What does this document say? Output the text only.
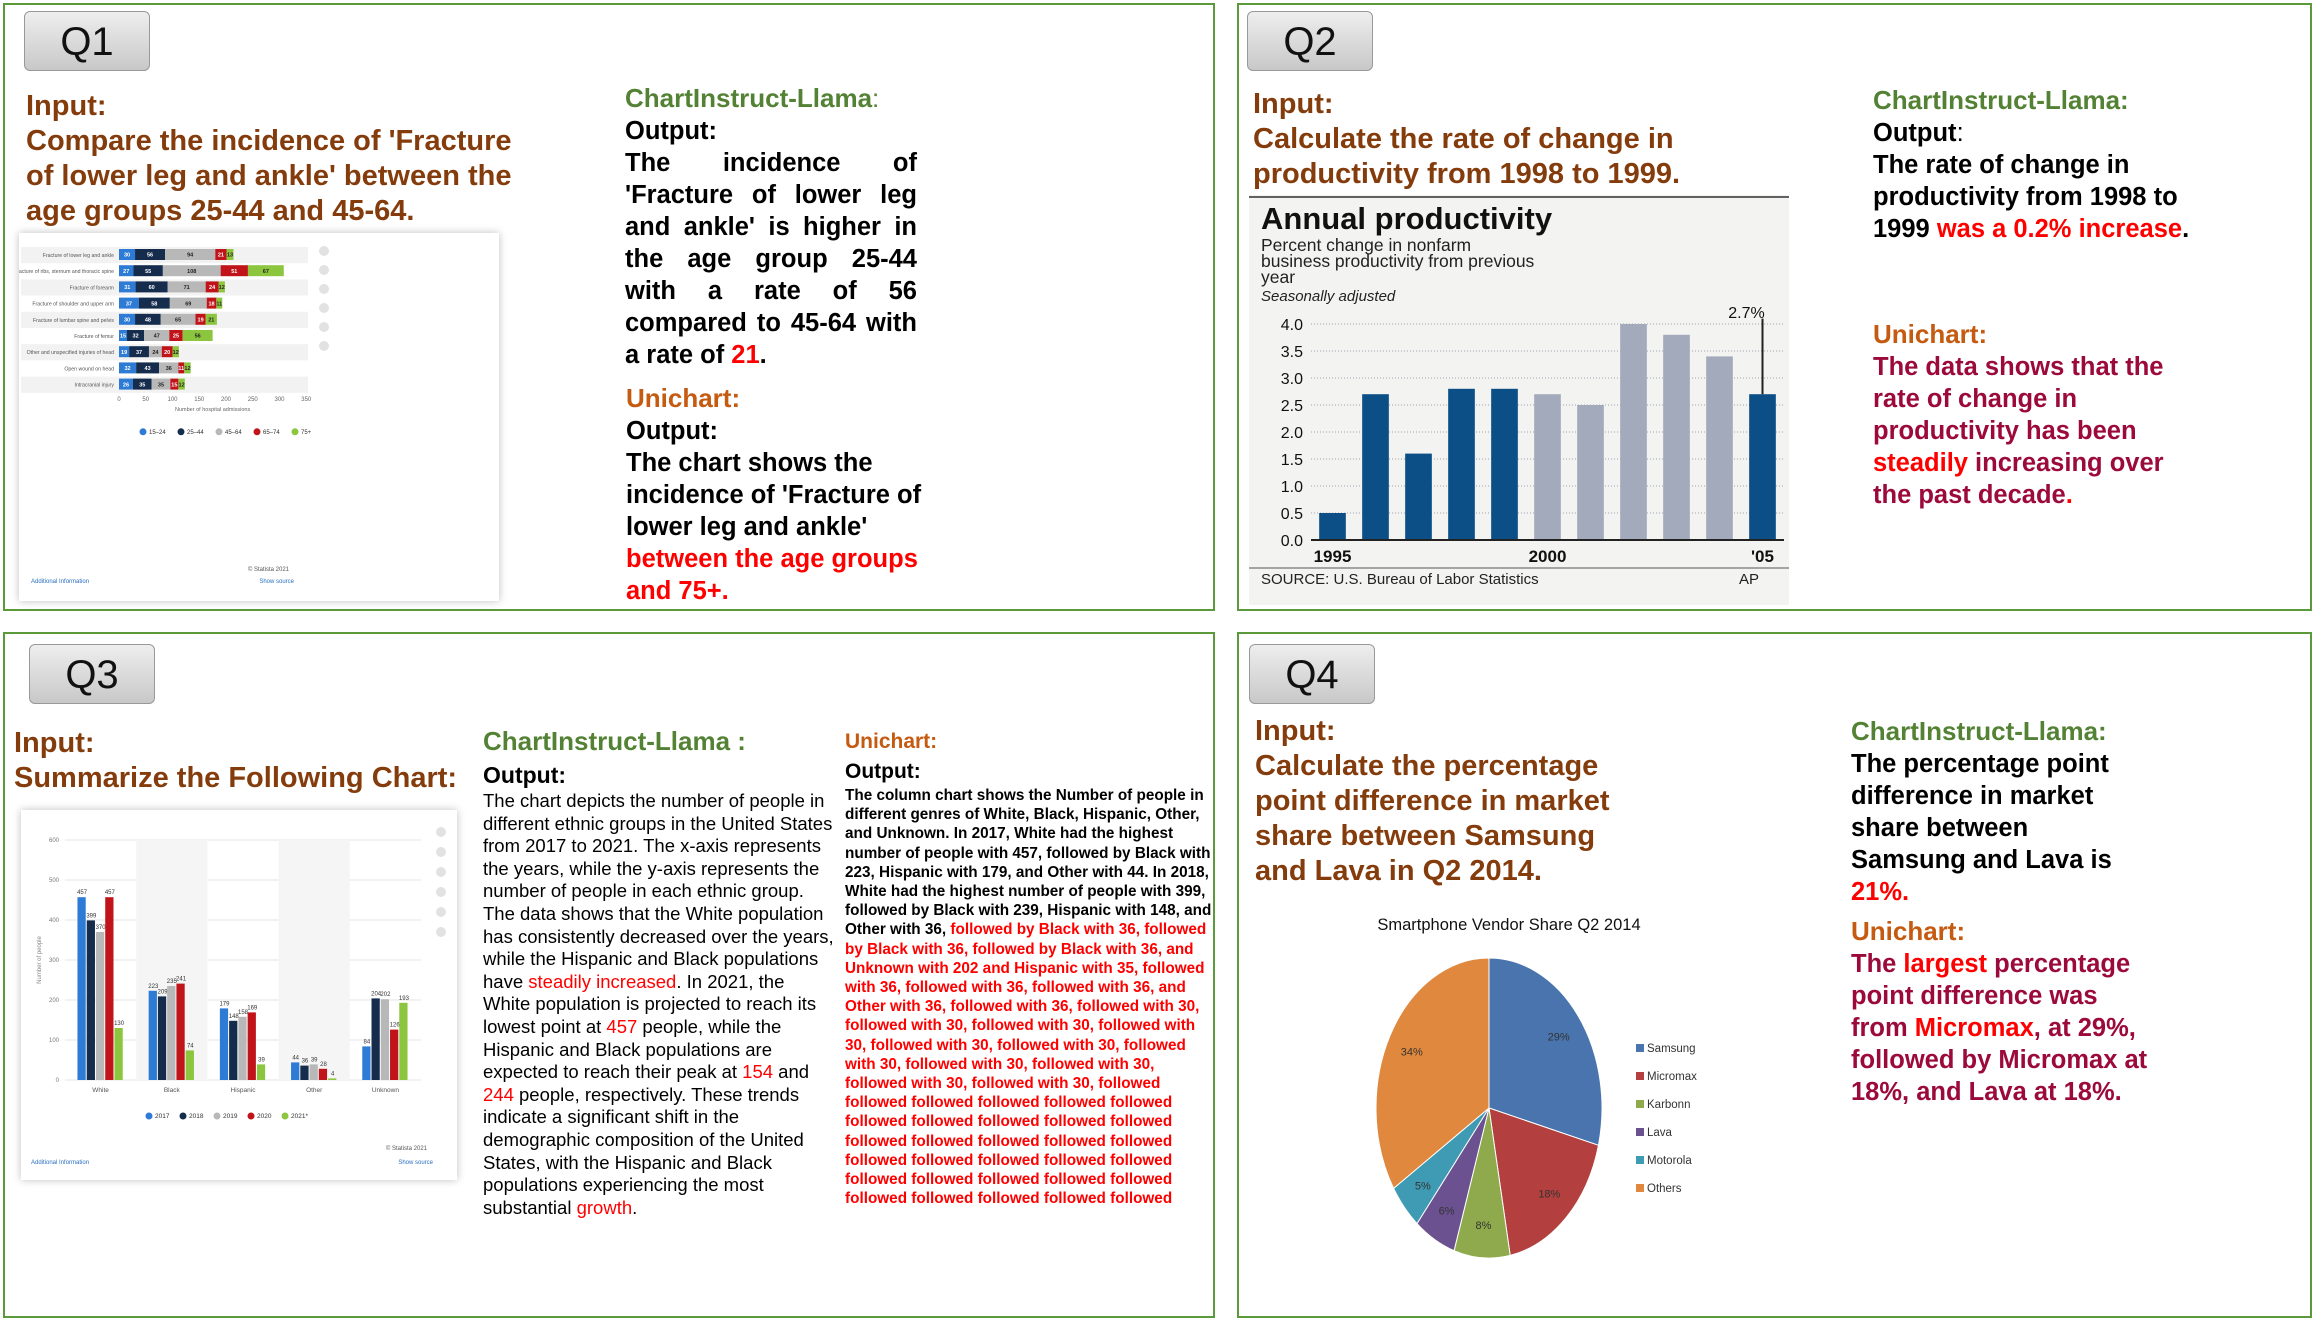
Q1
Input:
Compare the incidence of 'Fracture of lower leg and ankle' between the age groups 25-44 and 45-64.
Fracture of lower leg and ankle 30	56	94	21 13
Fracture of ribs, sternum and thoracic spine 27	55	108	51	67
Fracture of forearm 31	60	71	24 12
Fracture of shoulder and upper arm 37	58	69	18 11
Fracture of lumbar spine and pelvis 30	48	65	19 21
Fracture of femur 15 32	47 25	56
Other and unspecified injuries of head 19 37 24 20 12
Open wound on head 32	43	36 11 12
Intracranial injury 26 35 35 15 12
0	50	100	150	200	250	300	350
Number of hospital admissions
15–24	25–44	45–64	65–74	75+
© Statista 2021
Additional Information	Show source
ChartInstruct-Llama:
Output:
The incidence of 'Fracture of lower leg and ankle' is higher in the age group 25-44 with a rate of 56 compared to 45-64 with a rate of 21.
Unichart:
Output:
The chart shows the incidence of 'Fracture of lower leg and ankle' between the age groups and 75+.
Q2
Input:
Calculate the rate of change in productivity from 1998 to 1999.
Annual productivity
Percent change in nonfarm business productivity from previous year
Seasonally adjusted
4.0
3.5
3.0
2.5
2.0
1.5
1.0
0.5
0.0
2.7%
1995	2000	'05
SOURCE: U.S. Bureau of Labor Statistics	AP
ChartInstruct-Llama:
Output:
The rate of change in productivity from 1998 to 1999 was a 0.2% increase.
Unichart:
The data shows that the rate of change in productivity has been steadily increasing over the past decade.
Q3
Input:
Summarize the Following Chart:
600
500
400
300
200
100
0
Number of people
457
399
370
457
130
White
223
209
235 241
74
Black
179
148
158
169
39
Hispanic
44
36 39
28
4
Other
84
204 202
126
193
Unknown
2017	2018	2019	2020	2021*
© Statista 2021
Additional Information	Show source
ChartInstruct-Llama :
Output:
The chart depicts the number of people in different ethnic groups in the United States from 2017 to 2021. The x-axis represents the years, while the y-axis represents the number of people in each ethnic group. The data shows that the White population has consistently decreased over the years, while the Hispanic and Black populations have steadily increased. In 2021, the White population is projected to reach its lowest point at 457 people, while the Hispanic and Black populations are expected to reach their peak at 154 and 244 people, respectively. These trends indicate a significant shift in the demographic composition of the United States, with the Hispanic and Black populations experiencing the most substantial growth.
Unichart:
Output:
The column chart shows the Number of people in different genres of White, Black, Hispanic, Other, and Unknown. In 2017, White had the highest number of people with 457, followed by Black with 223, Hispanic with 179, and Other with 44. In 2018, White had the highest number of people with 399, followed by Black with 239, Hispanic with 148, and Other with 36, followed by Black with 36, followed by Black with 36, followed by Black with 36, and Unknown with 202 and Hispanic with 35, followed with 36, followed with 36, followed with 36, and Other with 36, followed with 36, followed with 30, followed with 30, followed with 30, followed with 30, followed with 30, followed with 30, followed with 30, followed with 30, followed with 30, followed with 30, followed with 30, followed followed followed followed followed followed followed followed followed followed followed followed followed followed followed followed followed followed followed followed followed followed followed followed followed followed followed followed followed followed followed
Q4
Input:
Calculate the percentage point difference in market share between Samsung and Lava in Q2 2014.
Smartphone Vendor Share Q2 2014
29%
Samsung
18%
Micromax
8%
Karbonn
6%
Lava
5%
Motorola
34%
Others
ChartInstruct-Llama:
The percentage point difference in market share between Samsung and Lava is 21%.
Unichart:
The largest percentage point difference was from Micromax, at 29%, followed by Micromax at 18%, and Lava at 18%.
